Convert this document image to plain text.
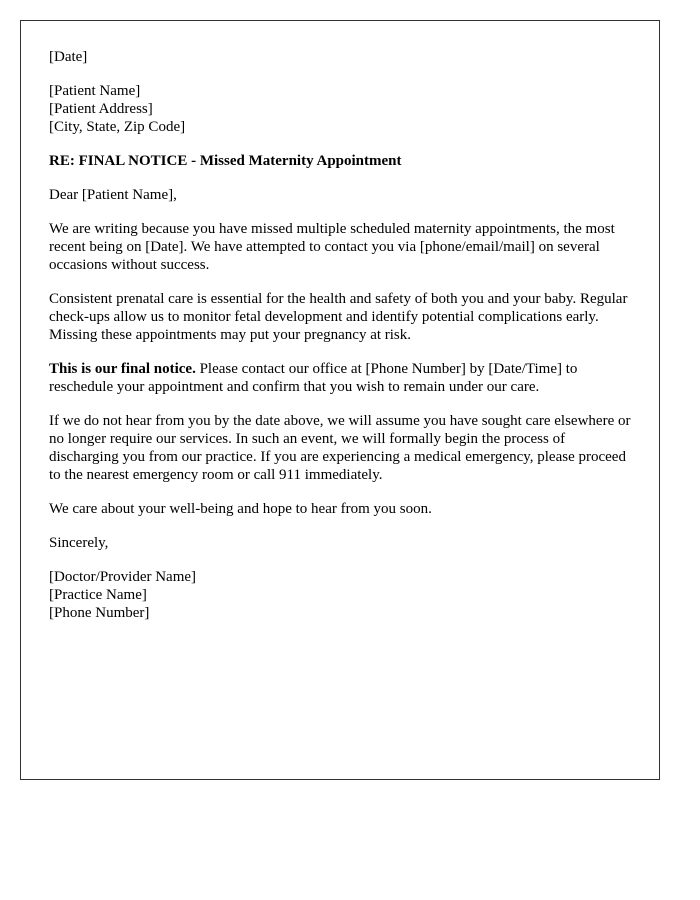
[Date]
[Patient Name]
[Patient Address]
[City, State, Zip Code]
RE: FINAL NOTICE - Missed Maternity Appointment
Dear [Patient Name],
We are writing because you have missed multiple scheduled maternity appointments, the most recent being on [Date]. We have attempted to contact you via [phone/email/mail] on several occasions without success.
Consistent prenatal care is essential for the health and safety of both you and your baby. Regular check-ups allow us to monitor fetal development and identify potential complications early. Missing these appointments may put your pregnancy at risk.
This is our final notice. Please contact our office at [Phone Number] by [Date/Time] to reschedule your appointment and confirm that you wish to remain under our care.
If we do not hear from you by the date above, we will assume you have sought care elsewhere or no longer require our services. In such an event, we will formally begin the process of discharging you from our practice. If you are experiencing a medical emergency, please proceed to the nearest emergency room or call 911 immediately.
We care about your well-being and hope to hear from you soon.
Sincerely,
[Doctor/Provider Name]
[Practice Name]
[Phone Number]
